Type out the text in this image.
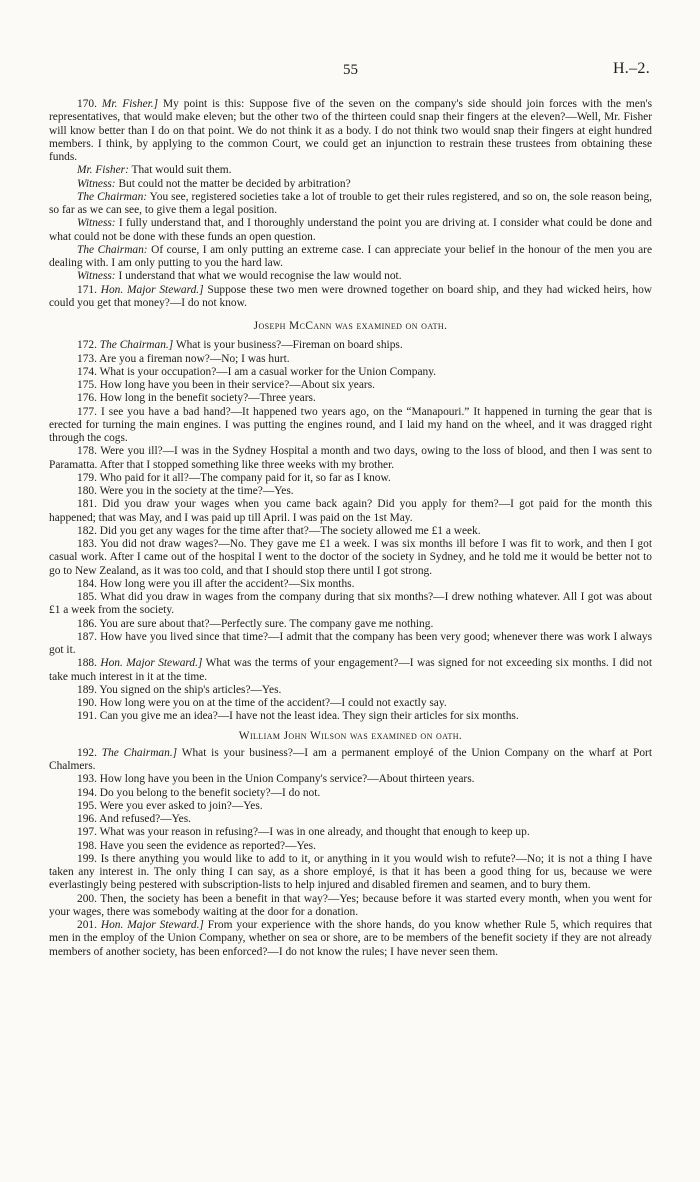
55	H.–2.

170. Mr. Fisher.] My point is this: Suppose five of the seven on the company's side should join forces with the men's representatives, that would make eleven; but the other two of the thirteen could snap their fingers at the eleven?—Well, Mr. Fisher will know better than I do on that point. We do not think it as a body. I do not think two would snap their fingers at eight hundred members. I think, by applying to the common Court, we could get an injunction to restrain these trustees from obtaining these funds.

Mr. Fisher: That would suit them.

Witness: But could not the matter be decided by arbitration?

The Chairman: You see, registered societies take a lot of trouble to get their rules registered, and so on, the sole reason being, so far as we can see, to give them a legal position.

Witness: I fully understand that, and I thoroughly understand the point you are driving at. I consider what could be done and what could not be done with these funds an open question.

The Chairman: Of course, I am only putting an extreme case. I can appreciate your belief in the honour of the men you are dealing with. I am only putting to you the hard law.

Witness: I understand that what we would recognise the law would not.

171. Hon. Major Steward.] Suppose these two men were drowned together on board ship, and they had wicked heirs, how could you get that money?—I do not know.

Joseph McCann was examined on oath.

172. The Chairman.] What is your business?—Fireman on board ships.

173. Are you a fireman now?—No; I was hurt.

174. What is your occupation?—I am a casual worker for the Union Company.

175. How long have you been in their service?—About six years.

176. How long in the benefit society?—Three years.

177. I see you have a bad hand?—It happened two years ago, on the “Manapouri.” It happened in turning the gear that is erected for turning the main engines. I was putting the engines round, and I laid my hand on the wheel, and it was dragged right through the cogs.

178. Were you ill?—I was in the Sydney Hospital a month and two days, owing to the loss of blood, and then I was sent to Paramatta. After that I stopped something like three weeks with my brother.

179. Who paid for it all?—The company paid for it, so far as I know.

180. Were you in the society at the time?—Yes.

181. Did you draw your wages when you came back again? Did you apply for them?—I got paid for the month this happened; that was May, and I was paid up till April. I was paid on the 1st May.

182. Did you get any wages for the time after that?—The society allowed me £1 a week.

183. You did not draw wages?—No. They gave me £1 a week. I was six months ill before I was fit to work, and then I got casual work. After I came out of the hospital I went to the doctor of the society in Sydney, and he told me it would be better not to go to New Zealand, as it was too cold, and that I should stop there until I got strong.

184. How long were you ill after the accident?—Six months.

185. What did you draw in wages from the company during that six months?—I drew nothing whatever. All I got was about £1 a week from the society.

186. You are sure about that?—Perfectly sure. The company gave me nothing.

187. How have you lived since that time?—I admit that the company has been very good; whenever there was work I always got it.

188. Hon. Major Steward.] What was the terms of your engagement?—I was signed for not exceeding six months. I did not take much interest in it at the time.

189. You signed on the ship's articles?—Yes.

190. How long were you on at the time of the accident?—I could not exactly say.

191. Can you give me an idea?—I have not the least idea. They sign their articles for six months.

William John Wilson was examined on oath.

192. The Chairman.] What is your business?—I am a permanent employé of the Union Company on the wharf at Port Chalmers.

193. How long have you been in the Union Company's service?—About thirteen years.

194. Do you belong to the benefit society?—I do not.

195. Were you ever asked to join?—Yes.

196. And refused?—Yes.

197. What was your reason in refusing?—I was in one already, and thought that enough to keep up.

198. Have you seen the evidence as reported?—Yes.

199. Is there anything you would like to add to it, or anything in it you would wish to refute?—No; it is not a thing I have taken any interest in. The only thing I can say, as a shore employé, is that it has been a good thing for us, because we were everlastingly being pestered with subscription-lists to help injured and disabled firemen and seamen, and to bury them.

200. Then, the society has been a benefit in that way?—Yes; because before it was started every month, when you went for your wages, there was somebody waiting at the door for a donation.

201. Hon. Major Steward.] From your experience with the shore hands, do you know whether Rule 5, which requires that men in the employ of the Union Company, whether on sea or shore, are to be members of the benefit society if they are not already members of another society, has been enforced?—I do not know the rules; I have never seen them.
